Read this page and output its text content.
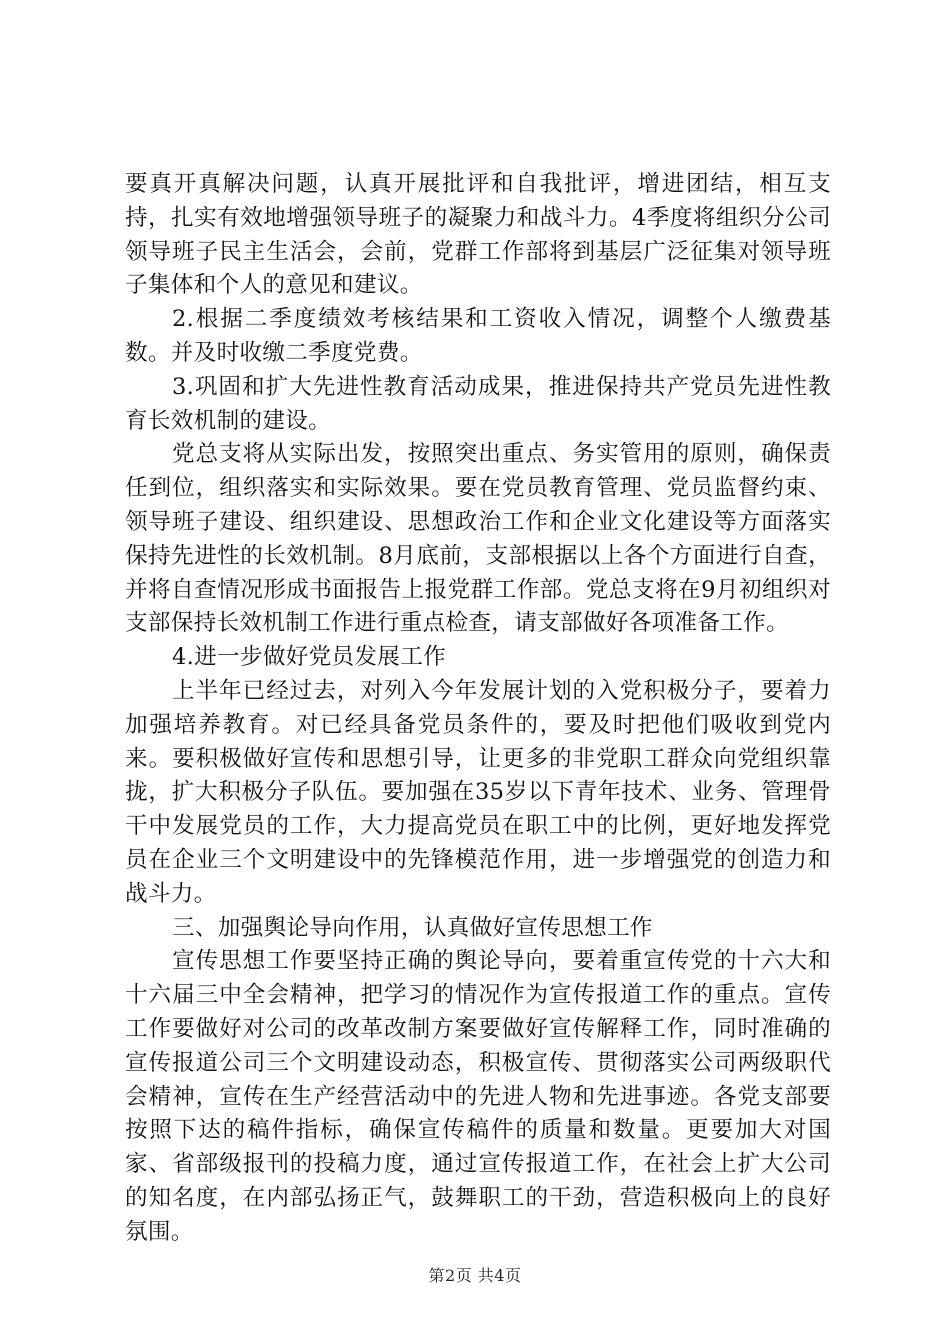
要真开真解决问题，认真开展批评和自我批评，增进团结，相互支持，扎实有效地增强领导班子的凝聚力和战斗力。4季度将组织分公司领导班子民主生活会，会前，党群工作部将到基层广泛征集对领导班子集体和个人的意见和建议。

2.根据二季度绩效考核结果和工资收入情况，调整个人缴费基数。并及时收缴二季度党费。

3.巩固和扩大先进性教育活动成果，推进保持共产党员先进性教育长效机制的建设。

党总支将从实际出发，按照突出重点、务实管用的原则，确保责任到位，组织落实和实际效果。要在党员教育管理、党员监督约束、领导班子建设、组织建设、思想政治工作和企业文化建设等方面落实保持先进性的长效机制。8月底前，支部根据以上各个方面进行自查，并将自查情况形成书面报告上报党群工作部。党总支将在9月初组织对支部保持长效机制工作进行重点检查，请支部做好各项准备工作。

4.进一步做好党员发展工作

上半年已经过去，对列入今年发展计划的入党积极分子，要着力加强培养教育。对已经具备党员条件的，要及时把他们吸收到党内来。要积极做好宣传和思想引导，让更多的非党职工群众向党组织靠拢，扩大积极分子队伍。要加强在35岁以下青年技术、业务、管理骨干中发展党员的工作，大力提高党员在职工中的比例，更好地发挥党员在企业三个文明建设中的先锋模范作用，进一步增强党的创造力和战斗力。

三、加强舆论导向作用，认真做好宣传思想工作

宣传思想工作要坚持正确的舆论导向，要着重宣传党的十六大和十六届三中全会精神，把学习的情况作为宣传报道工作的重点。宣传工作要做好对公司的改革改制方案要做好宣传解释工作，同时准确的宣传报道公司三个文明建设动态，积极宣传、贯彻落实公司两级职代会精神，宣传在生产经营活动中的先进人物和先进事迹。各党支部要按照下达的稿件指标，确保宣传稿件的质量和数量。更要加大对国家、省部级报刊的投稿力度，通过宣传报道工作，在社会上扩大公司的知名度，在内部弘扬正气，鼓舞职工的干劲，营造积极向上的良好氛围。

第2页 共4页
